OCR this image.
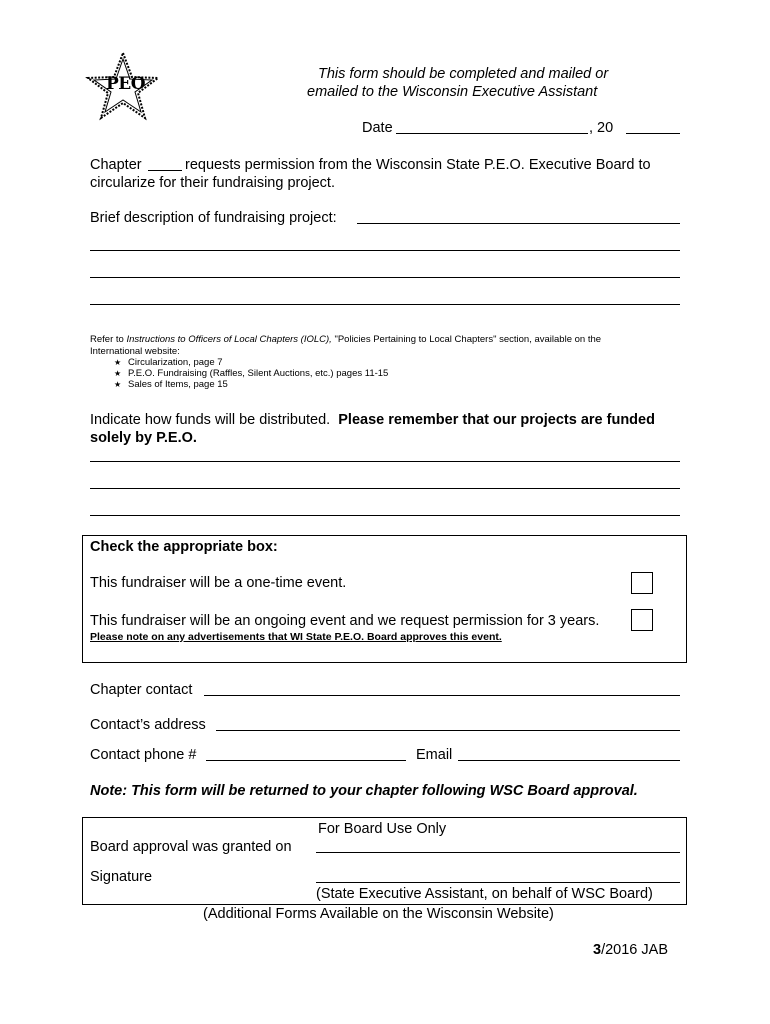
PEO	This form should be completed and mailed or
emailed to the Wisconsin Executive Assistant
Date	, 20
Chapter	requests permission from the Wisconsin State P.E.O. Executive Board to
circularize for their fundraising project.
Brief description of fundraising project:
Refer to Instructions to Officers of Local Chapters (IOLC), "Policies Pertaining to Local Chapters" section, available on the
International website:
★ Circularization, page 7
★ P.E.O. Fundraising (Raffles, Silent Auctions, etc.) pages 11-15
★ Sales of Items, page 15
Indicate how funds will be distributed. Please remember that our projects are funded
solely by P.E.O.
Check the appropriate box:
This fundraiser will be a one-time event.
This fundraiser will be an ongoing event and we request permission for 3 years.
Please note on any advertisements that WI State P.E.O. Board approves this event.
Chapter contact
Contact’s address
Contact phone #	Email
Note: This form will be returned to your chapter following WSC Board approval.
For Board Use Only
Board approval was granted on
Signature
(State Executive Assistant, on behalf of WSC Board)
(Additional Forms Available on the Wisconsin Website)
3/2016 JAB
